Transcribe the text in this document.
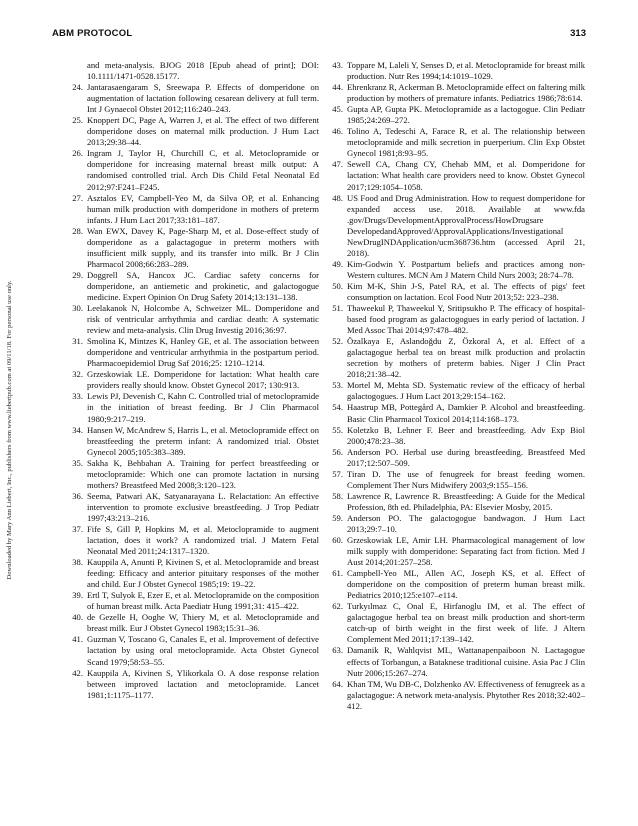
ABM PROTOCOL	313
Downloaded by Mary Ann Liebert, Inc., publishers from www.liebertpub.com at 09/11/18. For personal use only.

and meta-analysis. BJOG 2018 [Epub ahead of print]; DOI: 10.1111/1471-0528.15177.

24. Jantarasaengaram S, Sreewapa P. Effects of domperidone on augmentation of lactation following cesarean delivery at full term. Int J Gynaecol Obstet 2012;116:240–243.

25. Knoppert DC, Page A, Warren J, et al. The effect of two different domperidone doses on maternal milk production. J Hum Lact 2013;29:38–44.

26. Ingram J, Taylor H, Churchill C, et al. Metoclopramide or domperidone for increasing maternal breast milk output: A randomised controlled trial. Arch Dis Child Fetal Neonatal Ed 2012;97:F241–F245.

27. Asztalos EV, Campbell-Yeo M, da Silva OP, et al. Enhancing human milk production with domperidone in mothers of preterm infants. J Hum Lact 2017;33:181–187.

28. Wan EWX, Davey K, Page-Sharp M, et al. Dose-effect study of domperidone as a galactagogue in preterm mothers with insufficient milk supply, and its transfer into milk. Br J Clin Pharmacol 2008;66:283–289.

29. Doggrell SA, Hancox JC. Cardiac safety concerns for domperidone, an antiemetic and prokinetic, and galactogogue medicine. Expert Opinion On Drug Safety 2014;13:131–138.

30. Leelakanok N, Holcombe A, Schweizer ML. Domperidone and risk of ventricular arrhythmia and cardiac death: A systematic review and meta-analysis. Clin Drug Investig 2016;36:97.

31. Smolina K, Mintzes K, Hanley GE, et al. The association between domperidone and ventricular arrhythmia in the postpartum period. Pharmacoepidemiol Drug Saf 2016;25: 1210–1214.

32. Grzeskowiak LE. Domperidone for lactation: What health care providers really should know. Obstet Gynecol 2017; 130:913.

33. Lewis PJ, Devenish C, Kahn C. Controlled trial of metoclopramide in the initiation of breast feeding. Br J Clin Pharmacol 1980;9:217–219.

34. Hansen W, McAndrew S, Harris L, et al. Metoclopramide effect on breastfeeding the preterm infant: A randomized trial. Obstet Gynecol 2005;105:383–389.

35. Sakha K, Behbahan A. Training for perfect breastfeeding or metoclopramide: Which one can promote lactation in nursing mothers? Breastfeed Med 2008;3:120–123.

36. Seema, Patwari AK, Satyanarayana L. Relactation: An effective intervention to promote exclusive breastfeeding. J Trop Pediatr 1997;43:213–216.

37. Fife S, Gill P, Hopkins M, et al. Metoclopramide to augment lactation, does it work? A randomized trial. J Matern Fetal Neonatal Med 2011;24:1317–1320.

38. Kauppila A, Anunti P, Kivinen S, et al. Metoclopramide and breast feeding: Efficacy and anterior pituitary responses of the mother and child. Eur J Obstet Gynecol 1985;19: 19–22.

39. Ertl T, Sulyok E, Ezer E, et al. Metoclopramide on the composition of human breast milk. Acta Paediatr Hung 1991;31: 415–422.

40. de Gezelle H, Ooghe W, Thiery M, et al. Metoclopramide and breast milk. Eur J Obstet Gynecol 1983;15:31–36.

41. Guzman V, Toscano G, Canales E, et al. Improvement of defective lactation by using oral metoclopramide. Acta Obstet Gynecol Scand 1979;58:53–55.

42. Kauppila A, Kivinen S, Ylikorkala O. A dose response relation between improved lactation and metoclopramide. Lancet 1981;1:1175–1177.

43. Toppare M, Laleli Y, Senses D, et al. Metoclopramide for breast milk production. Nutr Res 1994;14:1019–1029.

44. Ehrenkranz R, Ackerman B. Metoclopramide effect on faltering milk production by mothers of premature infants. Pediatrics 1986;78:614.

45. Gupta AP, Gupta PK. Metoclopramide as a lactogogue. Clin Pediatr 1985;24:269–272.

46. Tolino A, Tedeschi A, Farace R, et al. The relationship between metoclopramide and milk secretion in puerperium. Clin Exp Obstet Gynecol 1981;8:93–95.

47. Sewell CA, Chang CY, Chehab MM, et al. Domperidone for lactation: What health care providers need to know. Obstet Gynecol 2017;129:1054–1058.

48. US Food and Drug Administration. How to request domperidone for expanded access use. 2018. Available at www.fda .gov/Drugs/DevelopmentApprovalProcess/HowDrugsare DevelopedandApproved/ApprovalApplications/Investigational NewDrugINDApplication/ucm368736.htm (accessed April 21, 2018).

49. Kim-Godwin Y. Postpartum beliefs and practices among non-Western cultures. MCN Am J Matern Child Nurs 2003; 28:74–78.

50. Kim M-K, Shin J-S, Patel RA, et al. The effects of pigs' feet consumption on lactation. Ecol Food Nutr 2013;52: 223–238.

51. Thaweekul P, Thaweekul Y, Sritipsukho P. The efficacy of hospital-based food program as galactogogues in early period of lactation. J Med Assoc Thai 2014;97:478–482.

52. Özalkaya E, Aslandoğdu Z, Özkoral A, et al. Effect of a galactagogue herbal tea on breast milk production and prolactin secretion by mothers of preterm babies. Niger J Clin Pract 2018;21:38–42.

53. Mortel M, Mehta SD. Systematic review of the efficacy of herbal galactogogues. J Hum Lact 2013;29:154–162.

54. Haastrup MB, Pottegård A, Damkier P. Alcohol and breastfeeding. Basic Clin Pharmacol Toxicol 2014;114:168–173.

55. Koletzko B, Lehner F. Beer and breastfeeding. Adv Exp Biol 2000;478:23–38.

56. Anderson PO. Herbal use during breastfeeding. Breastfeed Med 2017;12:507–509.

57. Tiran D. The use of fenugreek for breast feeding women. Complement Ther Nurs Midwifery 2003;9:155–156.

58. Lawrence R, Lawrence R. Breastfeeding: A Guide for the Medical Profession, 8th ed. Philadelphia, PA: Elsevier Mosby, 2015.

59. Anderson PO. The galactogogue bandwagon. J Hum Lact 2013;29:7–10.

60. Grzeskowiak LE, Amir LH. Pharmacological management of low milk supply with domperidone: Separating fact from fiction. Med J Aust 2014;201:257–258.

61. Campbell-Yeo ML, Allen AC, Joseph KS, et al. Effect of domperidone on the composition of preterm human breast milk. Pediatrics 2010;125:e107–e114.

62. Turkyılmaz C, Onal E, Hirfanoglu IM, et al. The effect of galactagogue herbal tea on breast milk production and short-term catch-up of birth weight in the first week of life. J Altern Complement Med 2011;17:139–142.

63. Damanik R, Wahlqvist ML, Wattanapenpaiboon N. Lactagogue effects of Torbangun, a Bataknese traditional cuisine. Asia Pac J Clin Nutr 2006;15:267–274.

64. Khan TM, Wu DB-C, Dolzhenko AV. Effectiveness of fenugreek as a galactagogue: A network meta-analysis. Phytother Res 2018;32:402–412.
